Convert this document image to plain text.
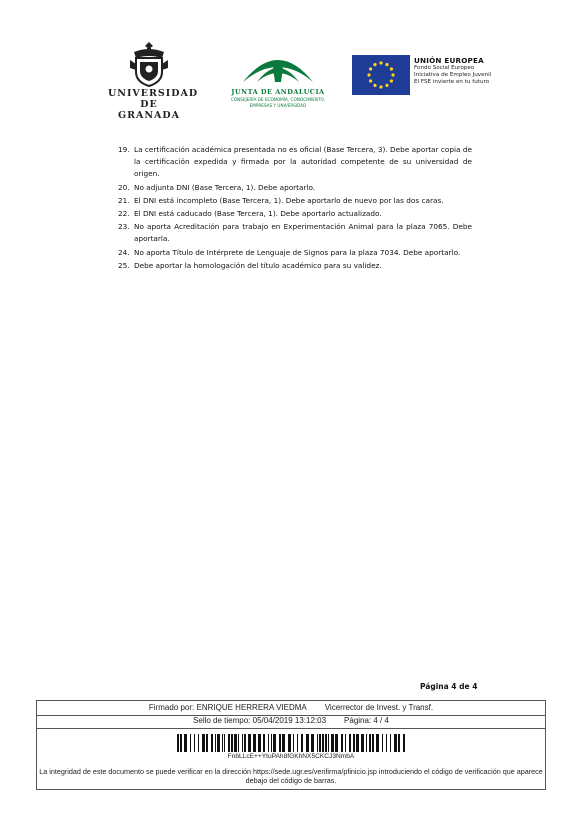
UNIVERSIDAD
DE GRANADA
JUNTA DE ANDALUCIA
CONSEJERÍA DE ECONOMÍA, CONOCIMIENTO,
EMPRESAS Y UNIVERSIDAD
UNIÓN EUROPEA
Fondo Social Europeo
Iniciativa de Empleo Juvenil
El FSE invierte en tu futuro
19. La certificación académica presentada no es oficial (Base Tercera, 3). Debe aportar copia de la certificación expedida y firmada por la autoridad competente de su universidad de origen.
20. No adjunta DNI (Base Tercera, 1). Debe aportarlo.
21. El DNI está incompleto (Base Tercera, 1). Debe aportarlo de nuevo por las dos caras.
22. El DNI está caducado (Base Tercera, 1). Debe aportarlo actualizado.
23. No aporta Acreditación para trabajo en Experimentación Animal para la plaza 7065. Debe aportarla.
24. No aporta Título de Intérprete de Lenguaje de Signos para la plaza 7034. Debe aportarlo.
25. Debe aportar la homologación del título académico para su validez.
Página 4 de 4
Firmado por: ENRIQUE HERRERA VIEDMA Vicerrector de Invest. y Transf.
Sello de tiempo: 05/04/2019 13:12:03 Página: 4 / 4
FnbLLcE++YtuPAh8fGKhNX5CKCJ3NmbA
La integridad de este documento se puede verificar en la dirección https://sede.ugr.es/verifirma/pfinicio.jsp introduciendo el código de verificación que aparece debajo del código de barras.
